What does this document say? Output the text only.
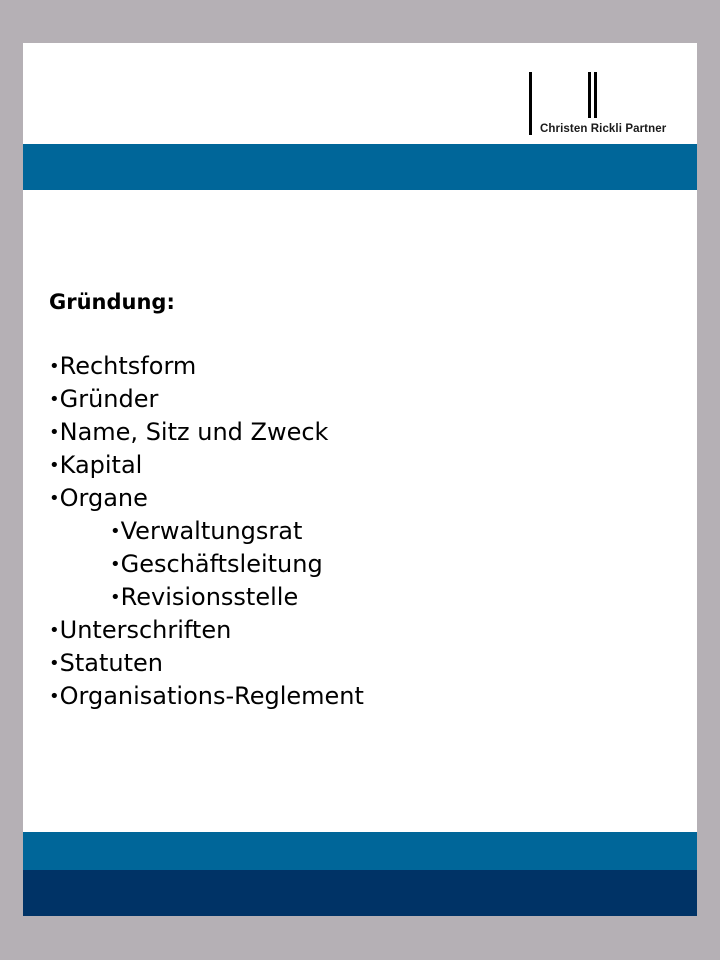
Christen Rickli Partner
Gründung:
•Rechtsform
•Gründer
•Name, Sitz und Zweck
•Kapital
•Organe
•Verwaltungsrat
•Geschäftsleitung
•Revisionsstelle
•Unterschriften
•Statuten
•Organisations-Reglement
